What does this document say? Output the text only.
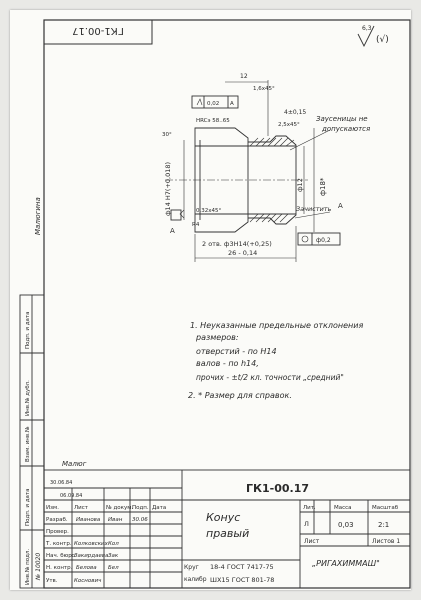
ГК1-00.17	6,3
(√)
12
1,6х45°
4±0,15
2,5х45°
Заусеницы не
допускаются
0,02 А
HRCэ 58..65
30°
ф14 H7(+0,018)	ф12 ф18*
0,32х45°
R4
Зачистить А
А
2 отв. ф3H14(+0,25)	ф0,2
26 - 0,14
1. Неуказанные предельные отклонения
размеров:
отверстий - по Н14
валов - по h14,
прочих - ±t/2 кл. точности „средний"
2. * Размер для справок.
Инв.№ подл.
Подп. и дата
Взам. инв.№
Инв.№ дубл.
Подп. и дата
№ 10020
Малюгина
Малюг
30.06.84
06.09.84
ГК1-00.17
Конус
правый
Круг 18-4 ГОСТ 7417-75
калибр ШХ15 ГОСТ 801-78
Лит.	Масса	Масштаб
Л	0,03	2:1
Лист	Листов 1
„РИГАХИММАШ"
Изм.	Лист	№ докум.
Подп. Дата
Разраб. Иванова Иван 30.06
Провер.
Т. контр. Колковских Кол
Нач. бюро
Закирдаева Зак
Н. контр. Белова Бел
Утв.	Коснович
